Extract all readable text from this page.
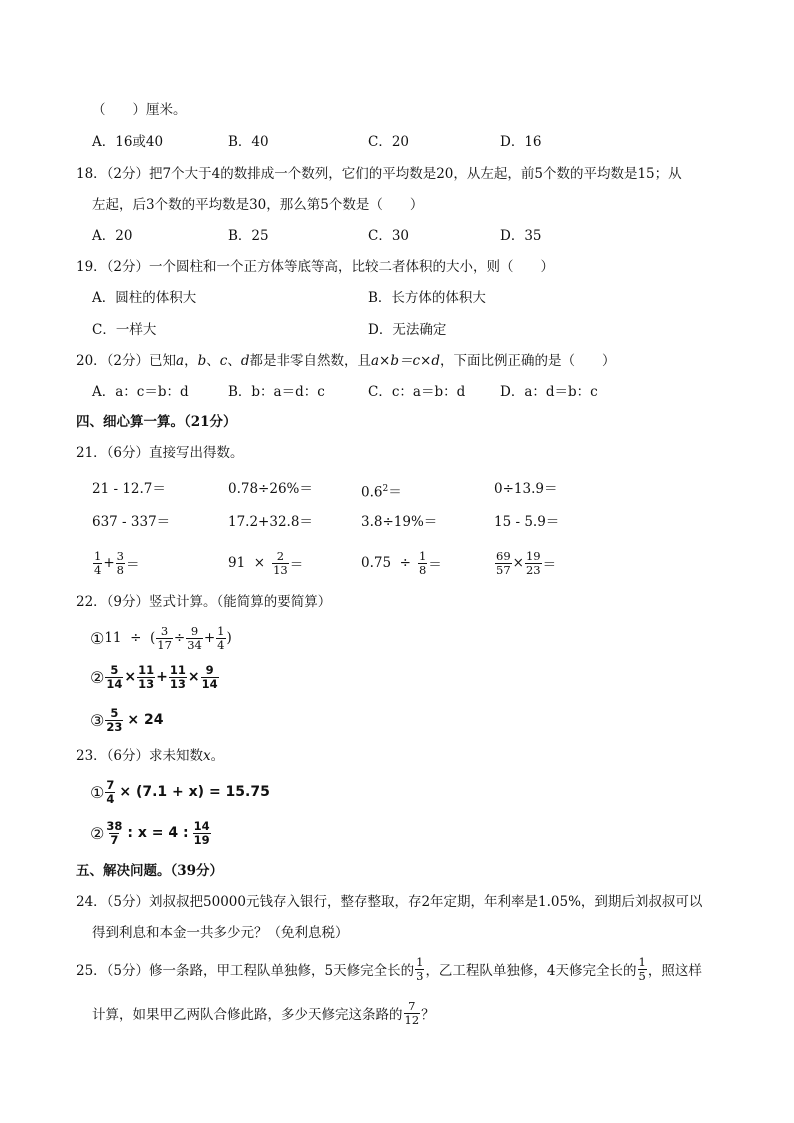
（　　）厘米。
A．16或40	B．40	C．20	D．16
18．（2分）把7个大于4的数排成一个数列，它们的平均数是20，从左起，前5个数的平均数是15；从
左起，后3个数的平均数是30，那么第5个数是（　　）
A．20	B．25	C．30	D．35
19．（2分）一个圆柱和一个正方体等底等高，比较二者体积的大小，则（　　）
A．圆柱的体积大	B．长方体的体积大
C．一样大	D．无法确定
20．（2分）已知a，b、c、d都是非零自然数，且a×b＝c×d，下面比例正确的是（　　）
A．a：c＝b：d	B．b：a＝d：c	C．c：a＝b：d	D．a：d＝b：c
四、细心算一算。（21分）
21．（6分）直接写出得数。
21 - 12.7＝	0.78÷26%＝	$0.6^2=$	0÷13.9＝
637 - 337＝	17.2+32.8＝	3.8÷19%＝	15 - 5.9＝
$\frac{1}{4} + \frac{3}{8}$ ＝	$91 \times \frac{2}{13}$ ＝	$0.75 \div \frac{1}{8}$ ＝	$\frac{69}{57} \times \frac{19}{23}$ ＝
22．（9分）竖式计算。（能简算的要简算）
① 11  ÷  ( $\frac{3}{17} \div \frac{9}{34} + \frac{1}{4}$ )
② $\frac{5}{14} \times \frac{11}{13} + \frac{11}{13} \times \frac{9}{14}$
③ $\frac{5}{23} \times 24$
23．（6分）求未知数x。
① $\frac{7}{4} \times (7.1 + x) = 15.75$
② $\frac{38}{7}$ : x = 4 : $\frac{14}{19}$
五、解决问题。（39分）
24．（5分）刘叔叔把50000元钱存入银行，整存整取，存2年定期，年利率是1.05%，到期后刘叔叔可以
得到利息和本金一共多少元？（免利息税）
25．（5分）修一条路，甲工程队单独修，5天修完全长的 $\frac{1}{3}$ ，乙工程队单独修，4天修完全长的 $\frac{1}{5}$ ，照这样
计算，如果甲乙两队合修此路，多少天修完这条路的 $\frac{7}{12}$ ？
